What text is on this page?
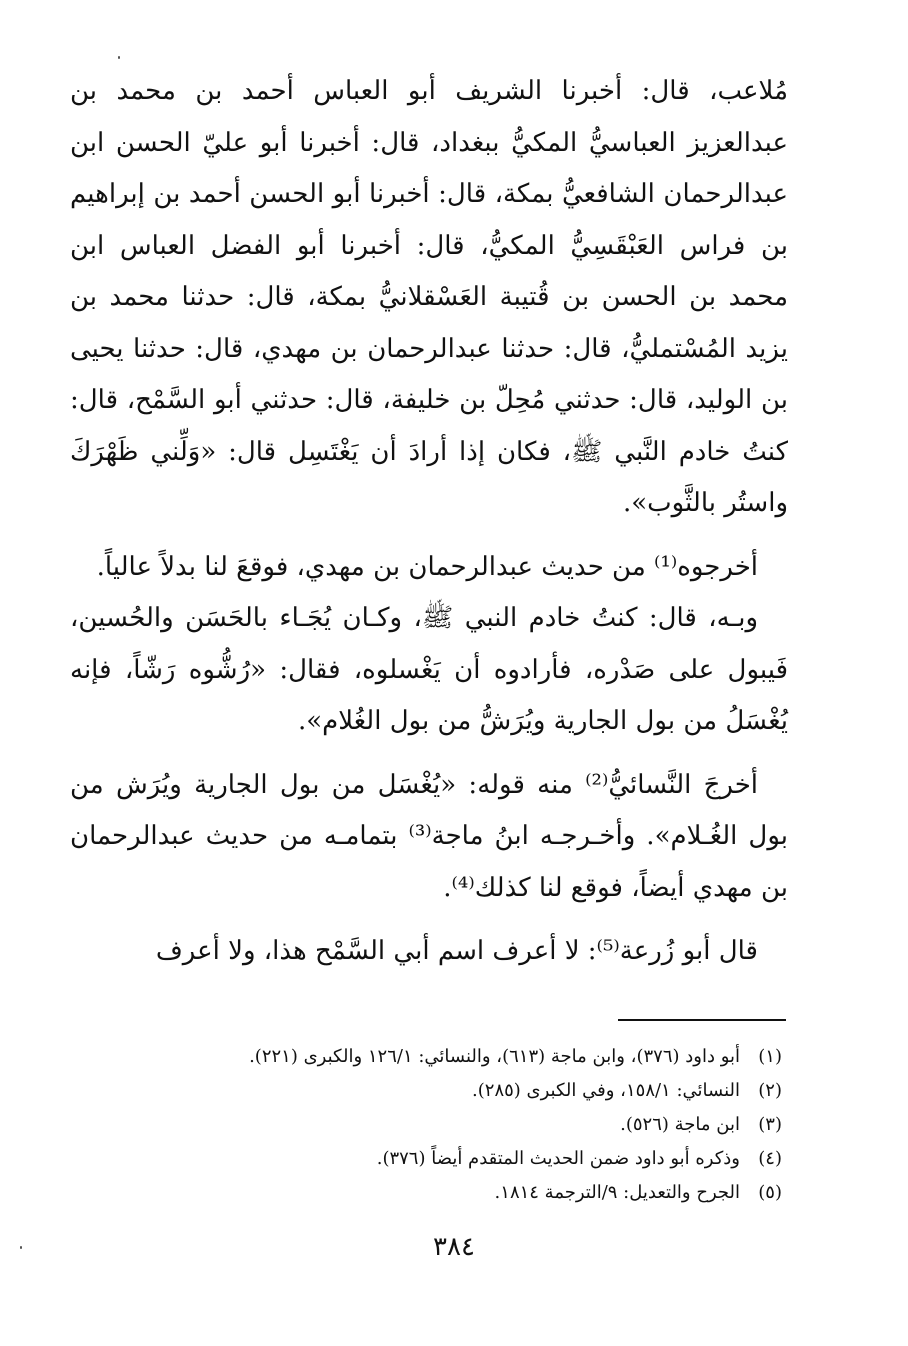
مُلاعب، قال: أخبرنا الشريف أبو العباس أحمد بن محمد بن عبدالعزيز العباسيُّ المكيُّ ببغداد، قال: أخبرنا أبو عليّ الحسن ابن عبدالرحمان الشافعيُّ بمكة، قال: أخبرنا أبو الحسن أحمد بن إبراهيم بن فراس العَبْقَسِيُّ المكيُّ، قال: أخبرنا أبو الفضل العباس ابن محمد بن الحسن بن قُتيبة العَسْقلانيُّ بمكة، قال: حدثنا محمد بن يزيد المُسْتمليُّ، قال: حدثنا عبدالرحمان بن مهدي، قال: حدثنا يحيى بن الوليد، قال: حدثني مُحِلّ بن خليفة، قال: حدثني أبو السَّمْح، قال: كنتُ خادم النَّبي ﷺ، فكان إذا أرادَ أن يَغْتَسِل قال: «وَلِّني ظَهْرَكَ واستُر بالثَّوب».

أخرجوه⁽¹⁾ من حديث عبدالرحمان بن مهدي، فوقعَ لنا بدلاً عالياً.

وبـه، قال: كنتُ خادم النبي ﷺ، وكـان يُجَـاء بالحَسَن والحُسين، فَيبول على صَدْره، فأرادوه أن يَغْسلوه، فقال: «رُشُّوه رَشّاً، فإنه يُغْسَلُ من بول الجارية ويُرَشُّ من بول الغُلام».

أخرجَ النَّسائيُّ⁽²⁾ منه قوله: «يُغْسَل من بول الجارية ويُرَش من بول الغُـلام». وأخـرجـه ابنُ ماجة⁽³⁾ بتمامـه من حديث عبدالرحمان بن مهدي أيضاً، فوقع لنا كذلك⁽⁴⁾.

قال أبو زُرعة⁽⁵⁾: لا أعرف اسم أبي السَّمْح هذا، ولا أعرف

(١)
أبو داود (٣٧٦)، وابن ماجة (٦١٣)، والنسائي: ١٢٦/١ والكبرى (٢٢١).
(٢)
النسائي: ١٥٨/١، وفي الكبرى (٢٨٥).
(٣)
ابن ماجة (٥٢٦).
(٤)
وذكره أبو داود ضمن الحديث المتقدم أيضاً (٣٧٦).
(٥)
الجرح والتعديل: ٩/الترجمة ١٨١٤.
٣٨٤
